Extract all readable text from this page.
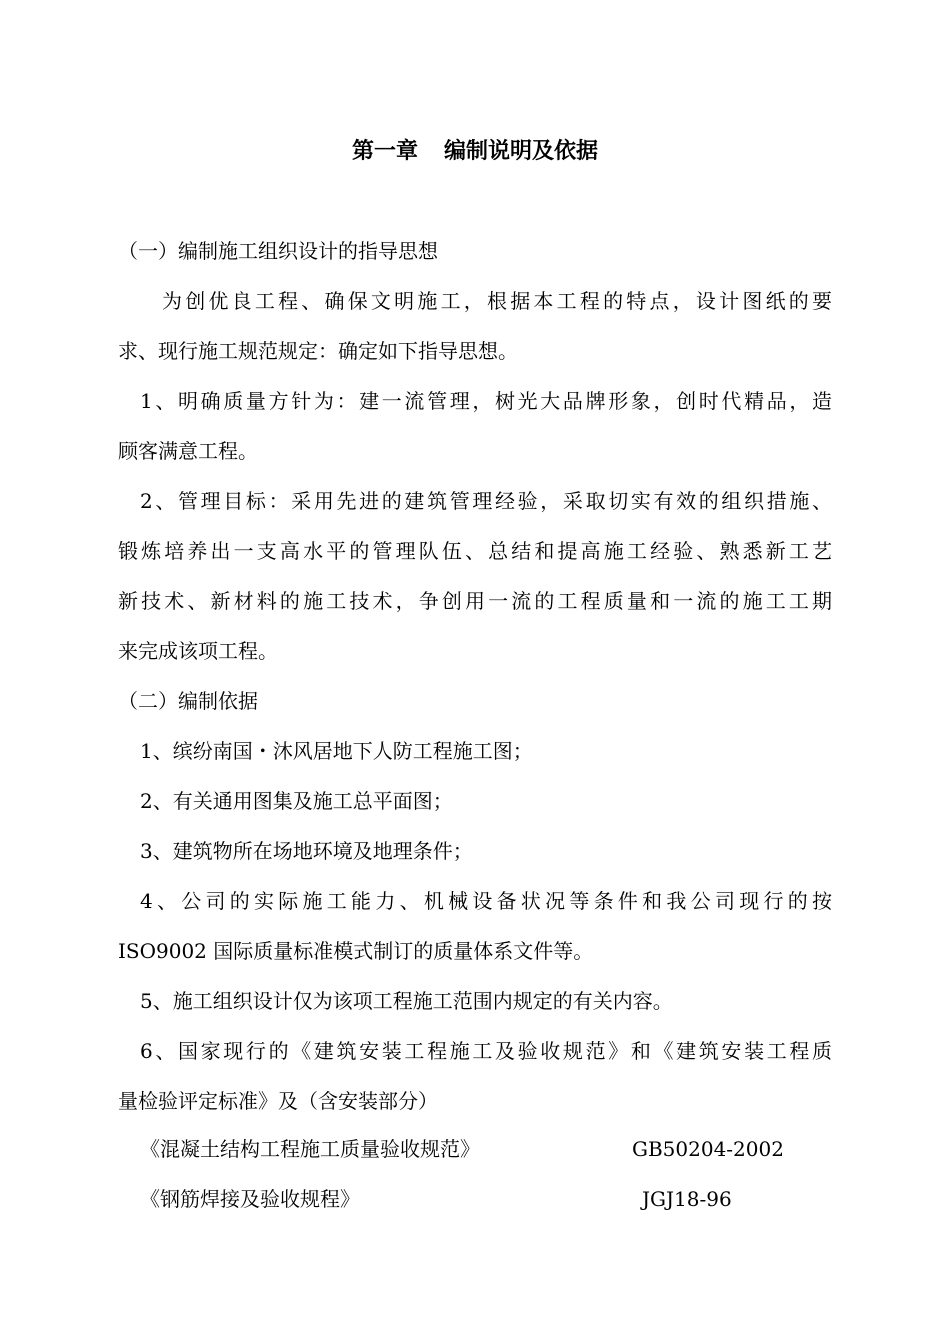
第一章 编制说明及依据
（一）编制施工组织设计的指导思想
为创优良工程、确保文明施工，根据本工程的特点，设计图纸的要
求、现行施工规范规定：确定如下指导思想。
1、明确质量方针为：建一流管理，树光大品牌形象，创时代精品，造
顾客满意工程。
2、管理目标：采用先进的建筑管理经验，采取切实有效的组织措施、
锻炼培养出一支高水平的管理队伍、总结和提高施工经验、熟悉新工艺
新技术、新材料的施工技术，争创用一流的工程质量和一流的施工工期
来完成该项工程。
（二）编制依据
1、缤纷南国・沐风居地下人防工程施工图；
2、有关通用图集及施工总平面图；
3、建筑物所在场地环境及地理条件；
4、公司的实际施工能力、机械设备状况等条件和我公司现行的按
ISO9002 国际质量标准模式制订的质量体系文件等。
5、施工组织设计仅为该项工程施工范围内规定的有关内容。
6、国家现行的《建筑安装工程施工及验收规范》和《建筑安装工程质
量检验评定标准》及（含安装部分）
《混凝土结构工程施工质量验收规范》	GB50204-2002
《钢筋焊接及验收规程》	JGJ18-96
